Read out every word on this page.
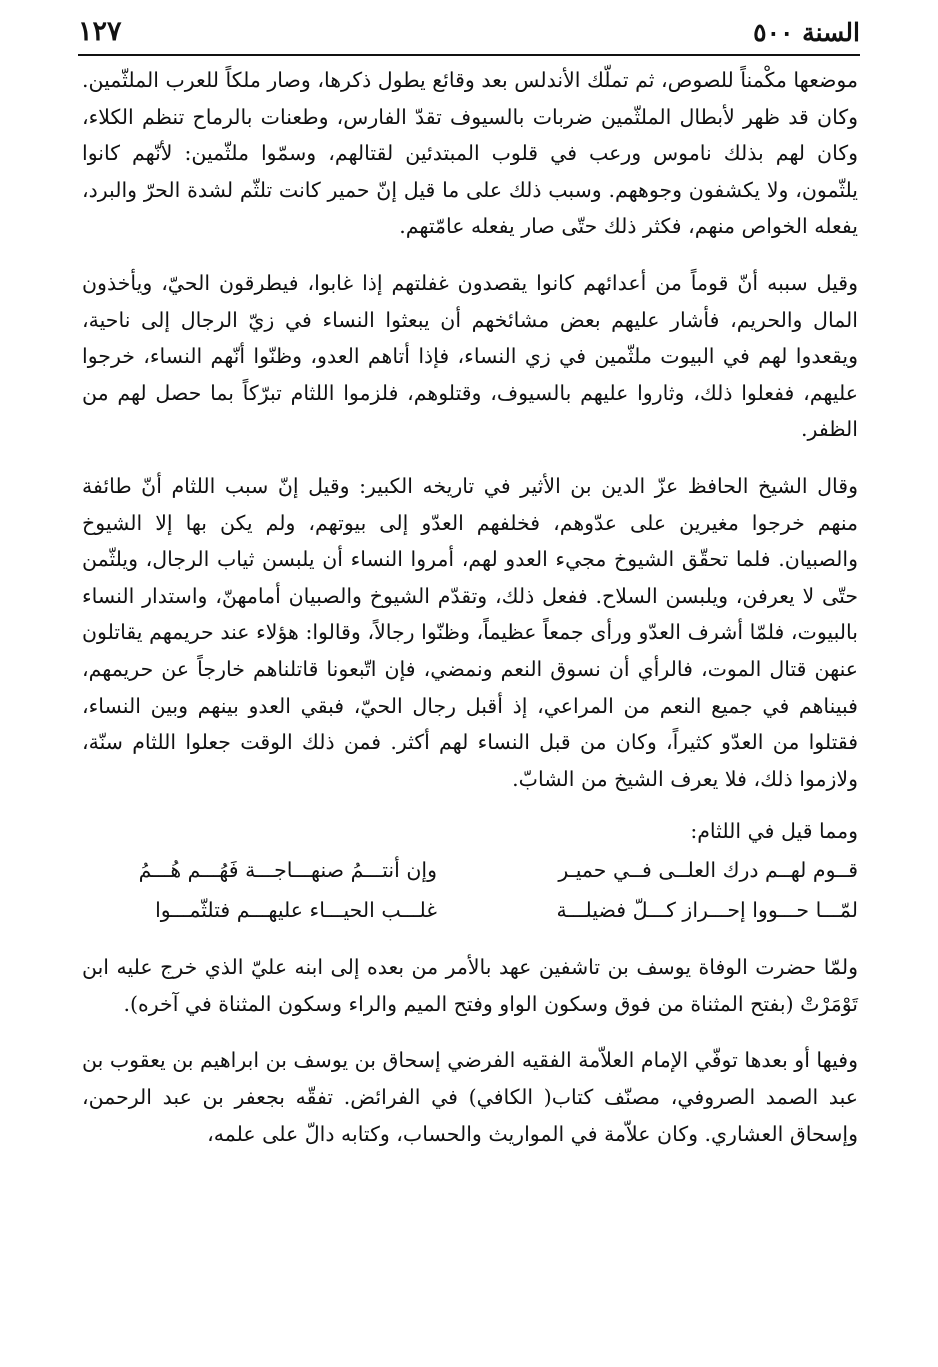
السنة ٥٠٠
١٢٧

موضعها مكْمناً للصوص، ثم تملّك الأندلس بعد وقائع يطول ذكرها، وصار ملكاً للعرب الملثّمين. وكان قد ظهر لأبطال الملثّمين ضربات بالسيوف تقدّ الفارس، وطعنات بالرماح تنظم الكلاء، وكان لهم بذلك ناموس ورعب في قلوب المبتدئين لقتالهم، وسمّوا ملثّمين: لأنّهم كانوا يلثّمون، ولا يكشفون وجوههم. وسبب ذلك على ما قيل إنّ حمير كانت تلثّم لشدة الحرّ والبرد، يفعله الخواص منهم، فكثر ذلك حتّى صار يفعله عامّتهم.

وقيل سببه أنّ قوماً من أعدائهم كانوا يقصدون غفلتهم إذا غابوا، فيطرقون الحيّ، ويأخذون المال والحريم، فأشار عليهم بعض مشائخهم أن يبعثوا النساء في زيّ الرجال إلى ناحية، ويقعدوا لهم في البيوت ملثّمين في زي النساء، فإذا أتاهم العدو، وظنّوا أنّهم النساء، خرجوا عليهم، ففعلوا ذلك، وثاروا عليهم بالسيوف، وقتلوهم، فلزموا اللثام تبرّكاً بما حصل لهم من الظفر.

وقال الشيخ الحافظ عزّ الدين بن الأثير في تاريخه الكبير: وقيل إنّ سبب اللثام أنّ طائفة منهم خرجوا مغيرين على عدّوهم، فخلفهم العدّو إلى بيوتهم، ولم يكن بها إلا الشيوخ والصبيان. فلما تحقّق الشيوخ مجيء العدو لهم، أمروا النساء أن يلبسن ثياب الرجال، ويلثّمن حتّى لا يعرفن، ويلبسن السلاح. ففعل ذلك، وتقدّم الشيوخ والصبيان أمامهنّ، واستدار النساء بالبيوت، فلمّا أشرف العدّو ورأى جمعاً عظيماً، وظنّوا رجالاً، وقالوا: هؤلاء عند حريمهم يقاتلون عنهن قتال الموت، فالرأي أن نسوق النعم ونمضي، فإن اتّبعونا قاتلناهم خارجاً عن حريمهم، فبيناهم في جميع النعم من المراعي، إذ أقبل رجال الحيّ، فبقي العدو بينهم وبين النساء، فقتلوا من العدّو كثيراً، وكان من قبل النساء لهم أكثر. فمن ذلك الوقت جعلوا اللثام سنّة، ولازموا ذلك، فلا يعرف الشيخ من الشابّ.

ومما قيل في اللثام:
قــوم لهــم درك العلــى فــي حميـر
وإن أنتـــمُ صنهـــاجـــة فَهُـــم هُـــمُ
لمّـــا حـــووا إحـــراز كـــلّ فضيلـــة
غلـــب الحيـــاء عليهـــم فتلثّمـــوا

ولمّا حضرت الوفاة يوسف بن تاشفين عهد بالأمر من بعده إلى ابنه عليّ الذي خرج عليه ابن تَوْمَرْتْ (بفتح المثناة من فوق وسكون الواو وفتح الميم والراء وسكون المثناة في آخره).

وفيها أو بعدها توفّي الإمام العلاّمة الفقيه الفرضي إسحاق بن يوسف بن ابراهيم بن يعقوب بن عبد الصمد الصروفي، مصنّف كتاب( الكافي) في الفرائض. تفقّه بجعفر بن عبد الرحمن، وإسحاق العشاري. وكان علاّمة في المواريث والحساب، وكتابه دالّ على علمه،
